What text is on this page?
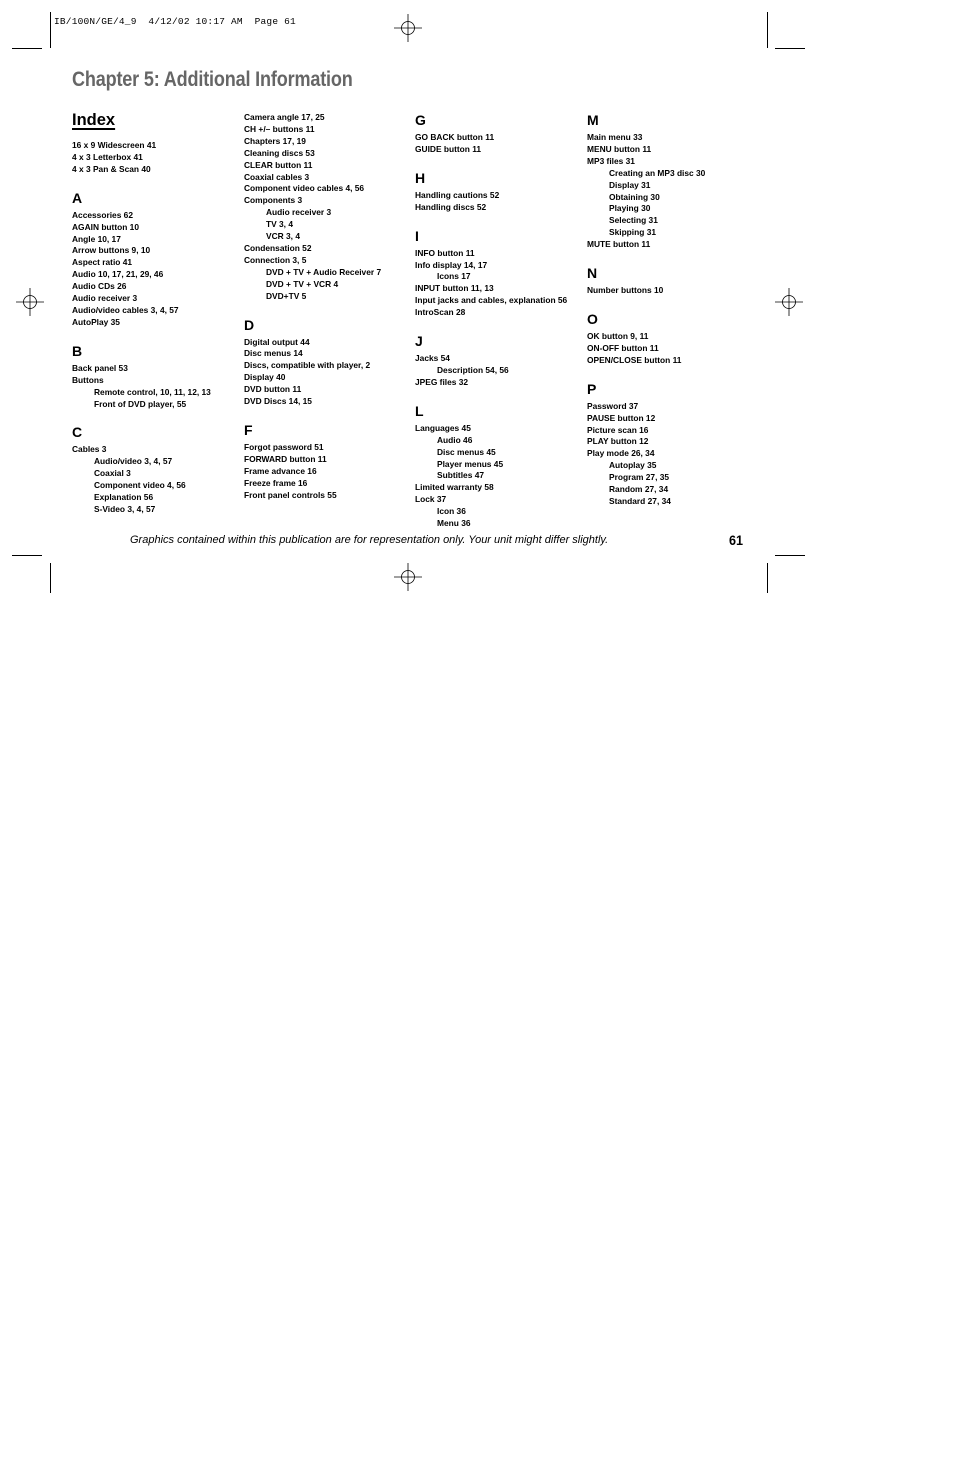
IB/100N/GE/4_9  4/12/02 10:17 AM  Page 61
Chapter 5: Additional Information
Index
16 x 9 Widescreen 41
4 x 3 Letterbox 41
4 x 3 Pan & Scan 40
A
Accessories 62
AGAIN button 10
Angle 10, 17
Arrow buttons 9, 10
Aspect ratio 41
Audio 10, 17, 21, 29, 46
Audio CDs 26
Audio receiver 3
Audio/video cables 3, 4, 57
AutoPlay 35
B
Back panel 53
Buttons
Remote control, 10, 11, 12, 13
Front of DVD player, 55
C
Cables 3
Audio/video 3, 4, 57
Coaxial 3
Component video 4, 56
Explanation 56
S-Video 3, 4, 57
Camera angle 17, 25
CH +/– buttons 11
Chapters 17, 19
Cleaning discs 53
CLEAR button 11
Coaxial cables 3
Component video cables 4, 56
Components 3
Audio receiver 3
TV 3, 4
VCR 3, 4
Condensation 52
Connection 3, 5
DVD + TV + Audio Receiver 7
DVD + TV + VCR 4
DVD+TV 5
D
Digital output 44
Disc menus 14
Discs, compatible with player, 2
Display 40
DVD button 11
DVD Discs 14, 15
F
Forgot password 51
FORWARD button 11
Frame advance 16
Freeze frame 16
Front panel controls 55
G
GO BACK button 11
GUIDE button 11
H
Handling cautions 52
Handling discs 52
I
INFO button 11
Info display 14, 17
Icons 17
INPUT button 11, 13
Input jacks and cables, explanation 56
IntroScan 28
J
Jacks 54
Description 54, 56
JPEG files 32
L
Languages 45
Audio 46
Disc menus 45
Player menus 45
Subtitles 47
Limited warranty 58
Lock 37
Icon 36
Menu 36
M
Main menu 33
MENU button 11
MP3 files 31
Creating an MP3 disc 30
Display 31
Obtaining 30
Playing 30
Selecting 31
Skipping 31
MUTE button 11
N
Number buttons 10
O
OK button 9, 11
ON-OFF button 11
OPEN/CLOSE button 11
P
Password 37
PAUSE button 12
Picture scan 16
PLAY button 12
Play mode 26, 34
Autoplay 35
Program 27, 35
Random 27, 34
Standard 27, 34
Graphics contained within this publication are for representation only. Your unit might differ slightly.	61
